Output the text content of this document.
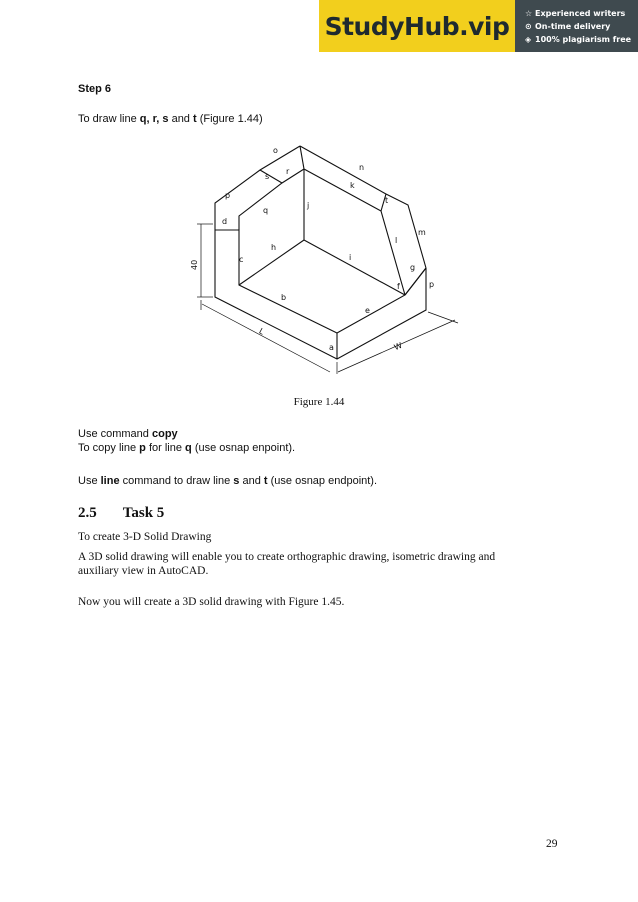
StudyHub.vip	☆ Experienced writers
⊙ On-time delivery
◈ 100% plagiarism free
Step 6
To draw line q, r, s and t (Figure 1.44)
o
s
r	n
k
t
p
q
j
d
m
l
h
i
c
g
f	p
b
e
a
L
W
40
Figure 1.44
Use command copy
To copy line p for line q (use osnap enpoint).
Use line command to draw line s and t (use osnap endpoint).
2.5 Task 5
To create 3-D Solid Drawing
A 3D solid drawing will enable you to create orthographic drawing, isometric drawing and
auxiliary view in AutoCAD.
Now you will create a 3D solid drawing with Figure 1.45.
29
